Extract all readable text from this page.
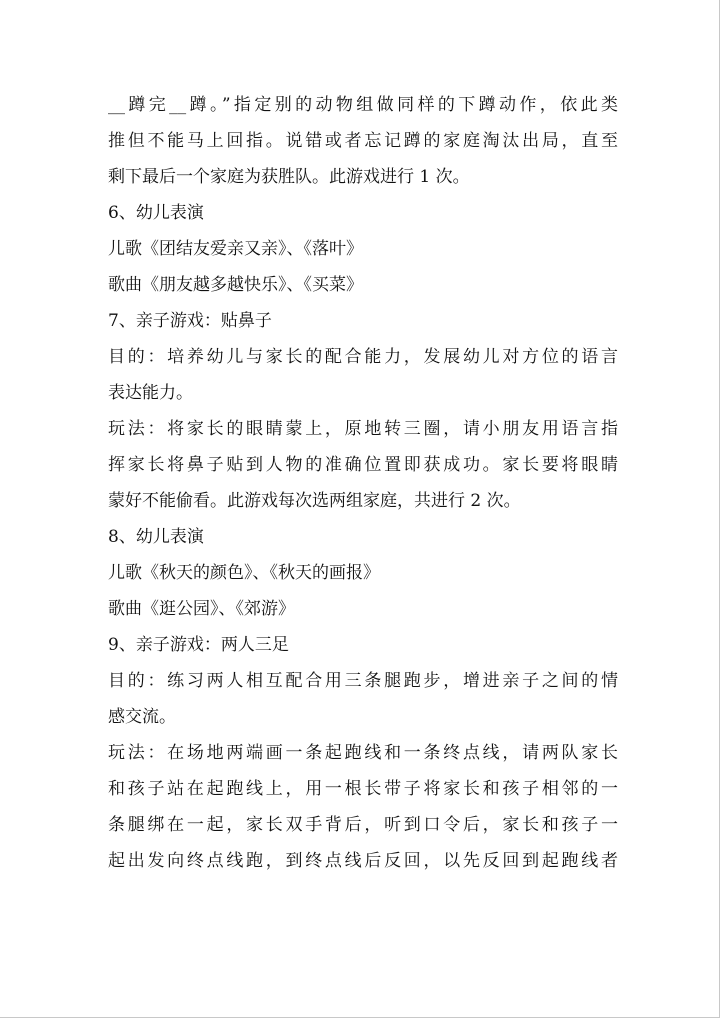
__蹲完__蹲。”指定别的动物组做同样的下蹲动作，依此类
推但不能马上回指。说错或者忘记蹲的家庭淘汰出局，直至
剩下最后一个家庭为获胜队。此游戏进行 1 次。
6、幼儿表演
儿歌《团结友爱亲又亲》、《落叶》
歌曲《朋友越多越快乐》、《买菜》
7、亲子游戏：贴鼻子
目的：培养幼儿与家长的配合能力，发展幼儿对方位的语言
表达能力。
玩法：将家长的眼睛蒙上，原地转三圈，请小朋友用语言指
挥家长将鼻子贴到人物的准确位置即获成功。家长要将眼睛
蒙好不能偷看。此游戏每次选两组家庭，共进行 2 次。
8、幼儿表演
儿歌《秋天的颜色》、《秋天的画报》
歌曲《逛公园》、《郊游》
9、亲子游戏：两人三足
目的：练习两人相互配合用三条腿跑步，增进亲子之间的情
感交流。
玩法：在场地两端画一条起跑线和一条终点线，请两队家长
和孩子站在起跑线上，用一根长带子将家长和孩子相邻的一
条腿绑在一起，家长双手背后，听到口令后，家长和孩子一
起出发向终点线跑，到终点线后反回，以先反回到起跑线者
